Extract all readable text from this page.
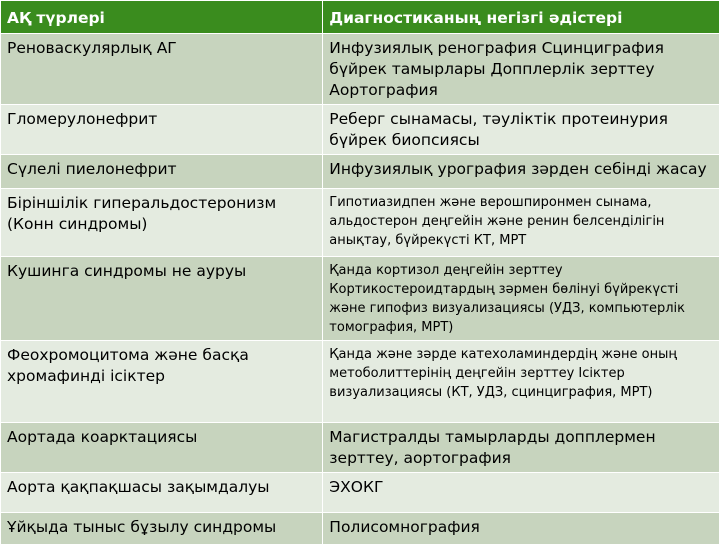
АҚ түрлері	Диагностиканың негізгі әдістері
Реноваскулярлық АГ	Инфузиялық ренография Сцинциграфия бүйрек тамырлары Допплерлік зерттеу Аортография
Гломерулонефрит	Реберг сынамасы, тәуліктік протеинурия бүйрек биопсиясы
Сүлелі пиелонефрит	Инфузиялық урография зәрден себінді жасау
Біріншілік гиперальдостеронизм (Конн синдромы)	Гипотиазидпен және верошпиронмен сынама, альдостерон деңгейін және ренин белсенділігін анықтау, бүйрекүсті КТ, МРТ
Кушинга синдромы не ауруы	Қанда кортизол деңгейін зерттеу Кортикостероидтардың зәрмен бөлінуі бүйрекүсті және гипофиз визуализациясы (УДЗ, компьютерлік томография, МРТ)
Феохромоцитома және басқа хромафинді ісіктер	Қанда және зәрде катехоламиндердің және оның метоболиттерінің деңгейін зерттеу Ісіктер визуализациясы (КТ, УДЗ, сцинциграфия, МРТ)
Аортада коарктациясы	Магистралды тамырларды допплермен зерттеу, аортография
Аорта қақпақшасы зақымдалуы	ЭХОКГ

Ұйқыда тыныс бұзылу синдромы	Полисомнография
